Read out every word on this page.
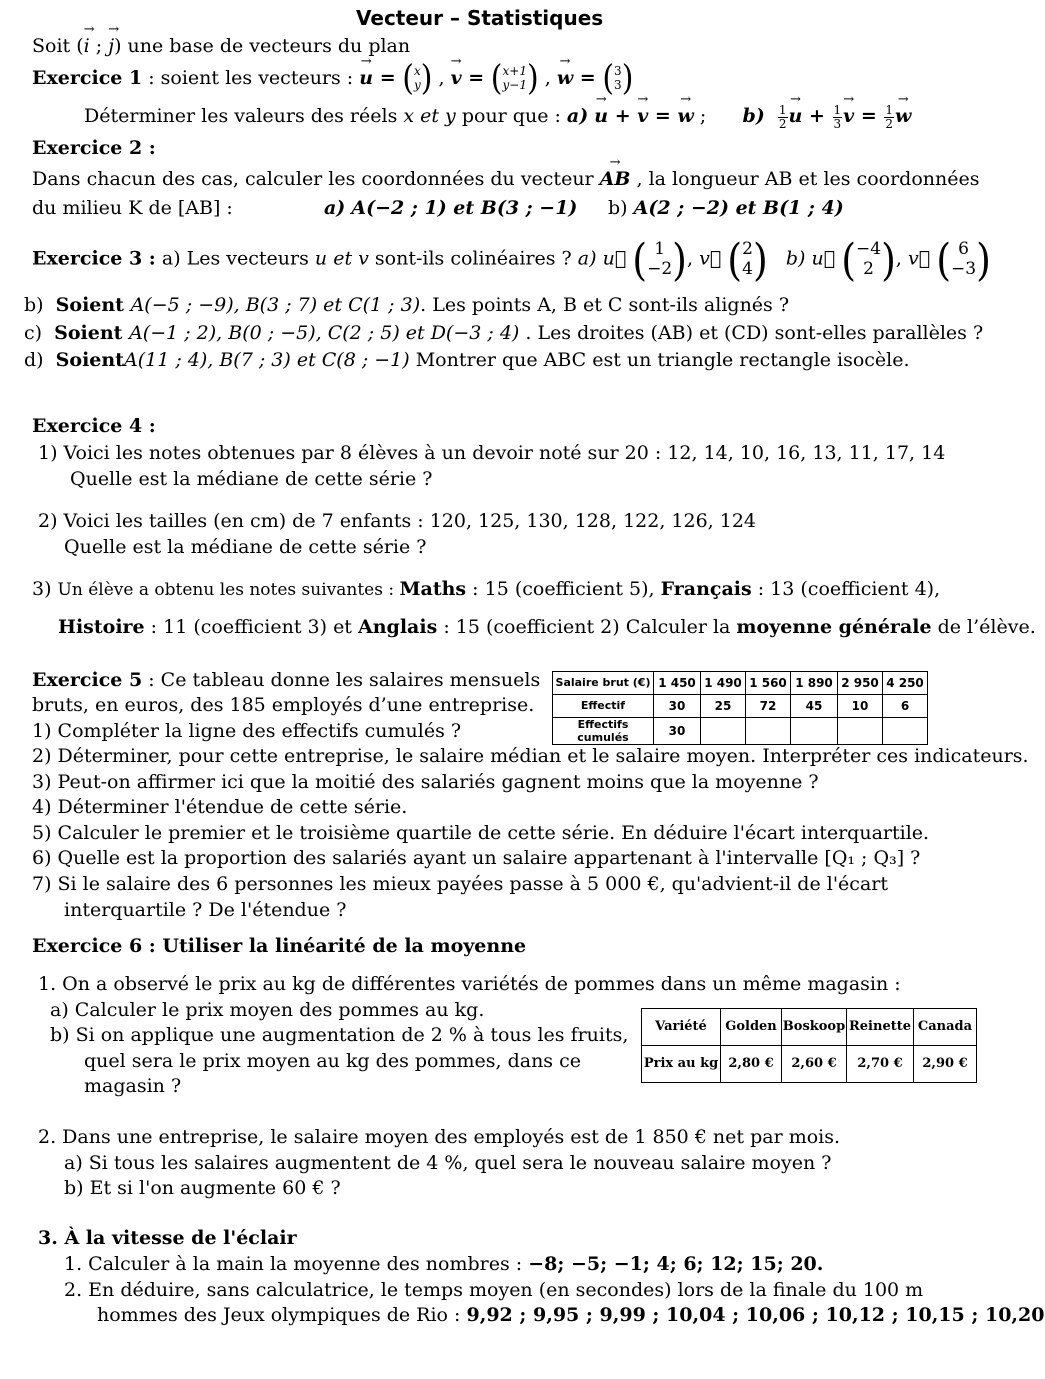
Vecteur – Statistiques
Soit (→ i ; → j) une base de vecteurs du plan
Exercice 1 : soient les vecteurs : → u = ( x
y ) , → v = ( x+1
y−1 ) , → w = ( 3
3 )
Déterminer les valeurs des réels x et y pour que : a) → u + → v = → w ;      $b) \frac{1}{2} \to u + \frac{1}{3} \to v = \frac{1}{2} \to w$
Exercice 2 :
Dans chacun des cas, calculer les coordonnées du vecteur → AB , la longueur AB et les coordonnées
du milieu K de [AB] :	a) A(−2 ; 1) et B(3 ; −1) b) A(2 ; −2) et B(1 ; 4)
Exercice 3 : a) Les vecteurs u et v sont-ils colinéaires ? a) u⃗ ( 1
−2 ) , v⃗ ( 2
4 ) b) u⃗ ( −4
2 ) , v⃗ ( 6
−3 )
b) Soient A(−5 ; −9), B(3 ; 7) et C(1 ; 3). Les points A, B et C sont-ils alignés ?
c) Soient A(−1 ; 2), B(0 ; −5), C(2 ; 5) et D(−3 ; 4) . Les droites (AB) et (CD) sont-elles parallèles ?
d) SoientA(11 ; 4), B(7 ; 3) et C(8 ; −1) Montrer que ABC est un triangle rectangle isocèle.
Exercice 4 :
1) Voici les notes obtenues par 8 élèves à un devoir noté sur 20 : 12, 14, 10, 16, 13, 11, 17, 14
Quelle est la médiane de cette série ?
2) Voici les tailles (en cm) de 7 enfants : 120, 125, 130, 128, 122, 126, 124
Quelle est la médiane de cette série ?
3) Un élève a obtenu les notes suivantes : Maths : 15 (coefficient 5), Français : 13 (coefficient 4),
Histoire : 11 (coefficient 3) et Anglais : 15 (coefficient 2) Calculer la moyenne générale de l’élève.
Exercice 5 : Ce tableau donne les salaires mensuels
bruts, en euros, des 185 employés d’une entreprise.
1) Compléter la ligne des effectifs cumulés ?
2) Déterminer, pour cette entreprise, le salaire médian et le salaire moyen. Interpréter ces indicateurs.
3) Peut-on affirmer ici que la moitié des salariés gagnent moins que la moyenne ?
4) Déterminer l'étendue de cette série.
5) Calculer le premier et le troisième quartile de cette série. En déduire l'écart interquartile.
6) Quelle est la proportion des salariés ayant un salaire appartenant à l'intervalle [Q₁ ; Q₃] ?
7) Si le salaire des 6 personnes les mieux payées passe à 5 000 €, qu'advient-il de l'écart
interquartile ? De l'étendue ?
Salaire brut (€)	1 450	1 490	1 560	1 890	2 950	4 250
Effectif	30	25	72	45	10	6
Effectifs cumulés	30					
Exercice 6 : Utiliser la linéarité de la moyenne
1. On a observé le prix au kg de différentes variétés de pommes dans un même magasin :
a) Calculer le prix moyen des pommes au kg.
b) Si on applique une augmentation de 2 % à tous les fruits,
quel sera le prix moyen au kg des pommes, dans ce
magasin ?
Variété	Golden	Boskoop	Reinette	Canada
Prix au kg	2,80 €	2,60 €	2,70 €	2,90 €
2. Dans une entreprise, le salaire moyen des employés est de 1 850 € net par mois.
a) Si tous les salaires augmentent de 4 %, quel sera le nouveau salaire moyen ?
b) Et si l'on augmente 60 € ?
3. À la vitesse de l'éclair
1. Calculer à la main la moyenne des nombres : −8; −5; −1; 4; 6; 12; 15; 20.
2. En déduire, sans calculatrice, le temps moyen (en secondes) lors de la finale du 100 m
hommes des Jeux olympiques de Rio : 9,92 ; 9,95 ; 9,99 ; 10,04 ; 10,06 ; 10,12 ; 10,15 ; 10,20
